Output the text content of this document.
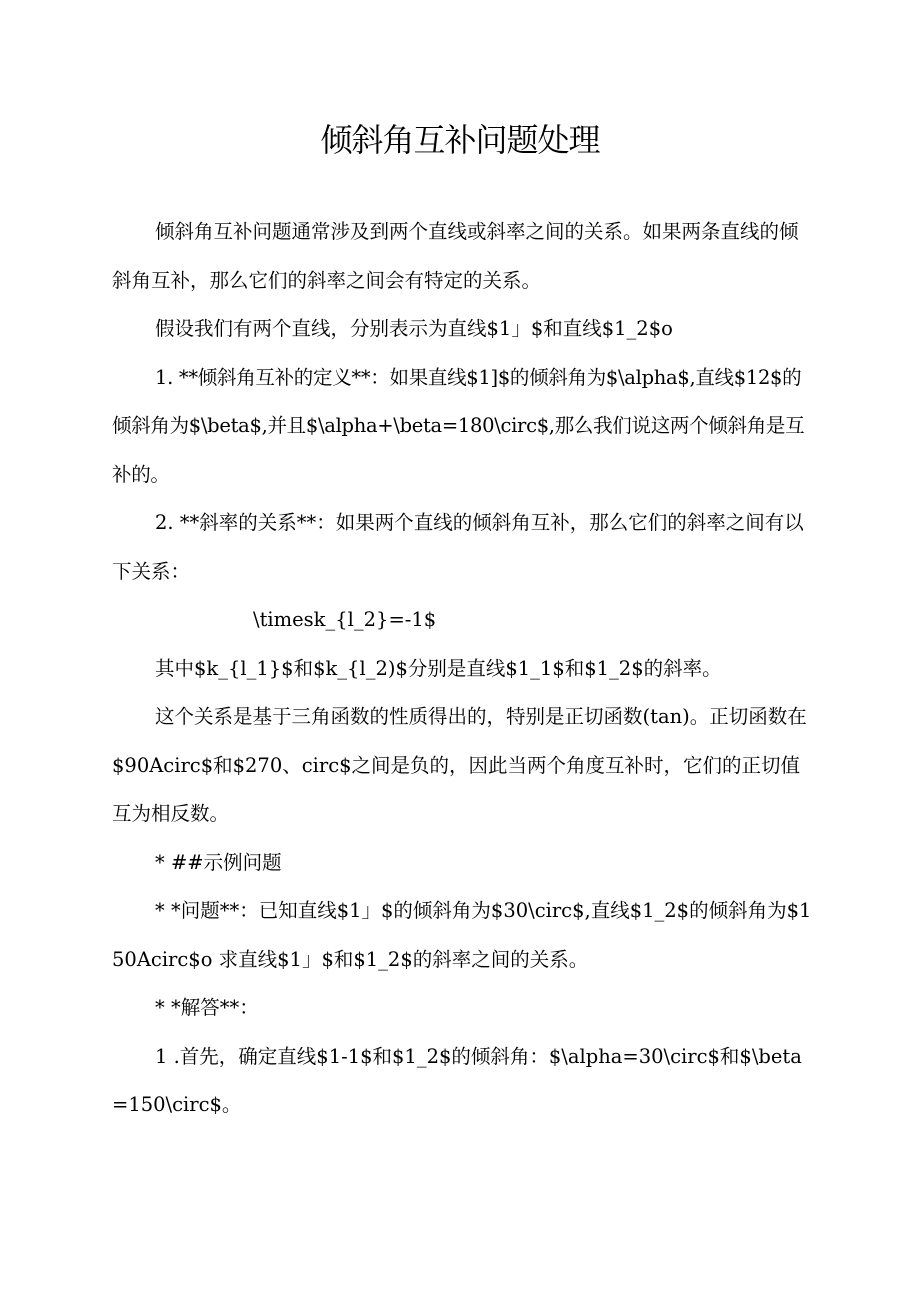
倾斜角互补问题处理

倾斜角互补问题通常涉及到两个直线或斜率之间的关系。如果两条直线的倾斜角互补，那么它们的斜率之间会有特定的关系。

假设我们有两个直线，分别表示为直线$1」$和直线$1_2$o

1. **倾斜角互补的定义**：如果直线$1]$的倾斜角为$\alpha$,直线$12$的倾斜角为$\beta$,并且$\alpha+\beta=180\circ$,那么我们说这两个倾斜角是互补的。

2. **斜率的关系**：如果两个直线的倾斜角互补，那么它们的斜率之间有以下关系：

\timesk_{l_2}=-1$

其中$k_{l_1}$和$k_{l_2)$分别是直线$1_1$和$1_2$的斜率。

这个关系是基于三角函数的性质得出的，特别是正切函数(tan)。正切函数在$90Acirc$和$270、circ$之间是负的，因此当两个角度互补时，它们的正切值互为相反数。

* ##示例问题

* *问题**：已知直线$1」$的倾斜角为$30\circ$,直线$1_2$的倾斜角为$150Acirc$o 求直线$1」$和$1_2$的斜率之间的关系。

* *解答**：

1 .首先，确定直线$1-1$和$1_2$的倾斜角：$\alpha=30\circ$和$\beta=150\circ$。
